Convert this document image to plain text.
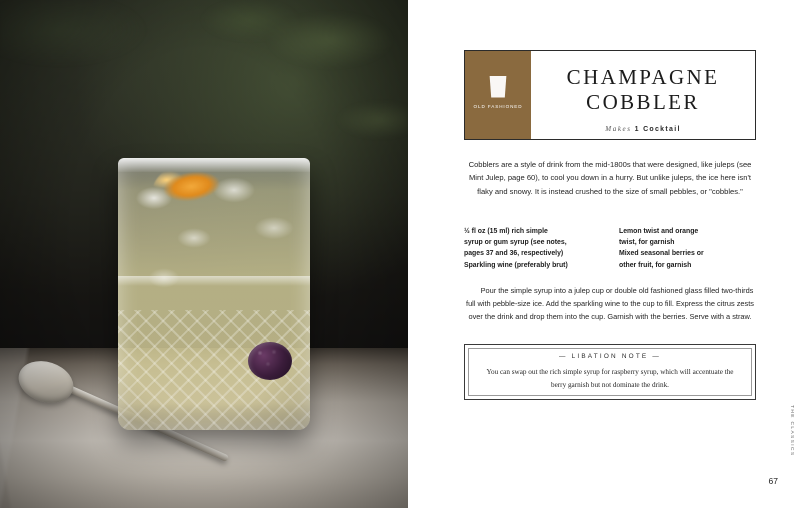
OLD FASHIONED
CHAMPAGNE
COBBLER
Makes 1 Cocktail
Cobblers are a style of drink from the mid-1800s that were designed, like juleps (see Mint Julep, page 60), to cool you down in a hurry. But unlike juleps, the ice here isn't flaky and snowy. It is instead crushed to the size of small pebbles, or "cobbles."
½ fl oz (15 ml) rich simple
syrup or gum syrup (see notes,
pages 37 and 36, respectively)
Sparkling wine (preferably brut)
Lemon twist and orange
twist, for garnish
Mixed seasonal berries or
other fruit, for garnish
Pour the simple syrup into a julep cup or double old fashioned glass filled two-thirds full with pebble-size ice. Add the sparkling wine to the cup to fill. Express the citrus zests over the drink and drop them into the cup. Garnish with the berries. Serve with a straw.
— LIBATION NOTE —
You can swap out the rich simple syrup for raspberry syrup, which will accentuate the berry garnish but not dominate the drink.
THE CLASSICS
67
